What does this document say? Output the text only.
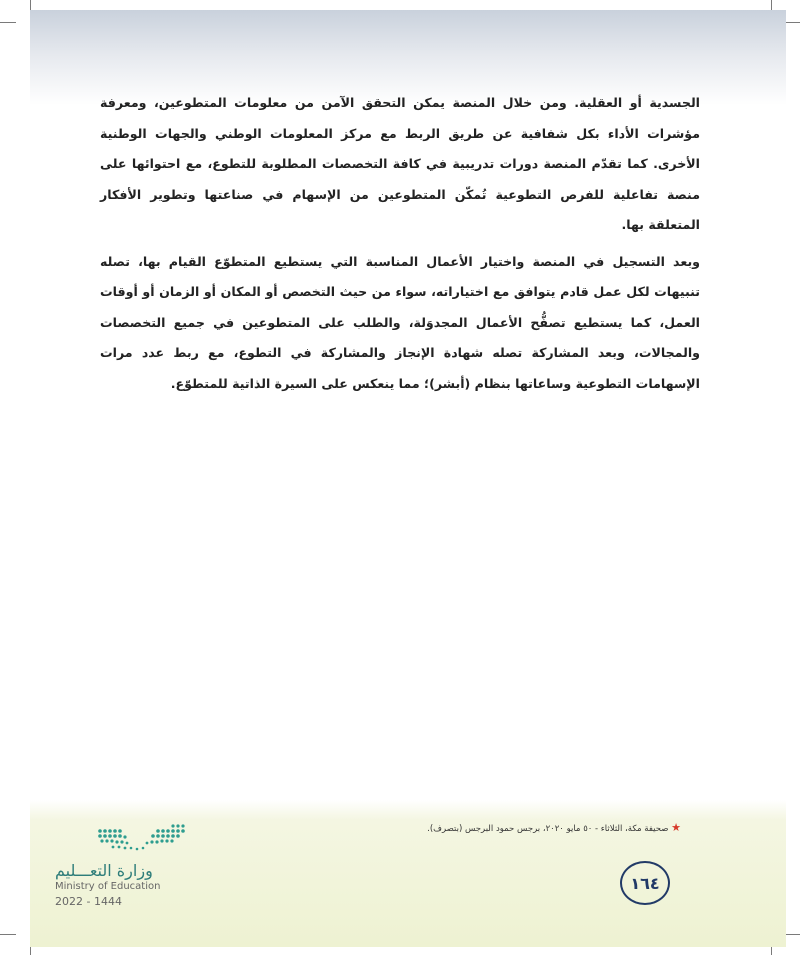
الجسدية أو العقلية. ومن خلال المنصة يمكن التحقق الآمن من معلومات المتطوعين، ومعرفة مؤشرات الأداء بكل شفافية عن طريق الربط مع مركز المعلومات الوطني والجهات الوطنية الأخرى. كما تقدّم المنصة دورات تدريبية في كافة التخصصات المطلوبة للتطوع، مع احتوائها على منصة تفاعلية للفرص التطوعية تُمكّن المتطوعين من الإسهام في صناعتها وتطوير الأفكار المتعلقة بها.

وبعد التسجيل في المنصة واختيار الأعمال المناسبة التي يستطيع المتطوّع القيام بها، تصله تنبيهات لكل عمل قادم يتوافق مع اختياراته، سواء من حيث التخصص أو المكان أو الزمان أو أوقات العمل، كما يستطيع تصفُّح الأعمال المجدوَلة، والطلب على المتطوعين في جميع التخصصات والمجالات، وبعد المشاركة تصله شهادة الإنجاز والمشاركة في التطوع، مع ربط عدد مرات الإسهامات التطوعية وساعاتها بنظام (أبشر)؛ مما ينعكس على السيرة الذاتية للمتطوّع.

★ صحيفة مكة، الثلاثاء - ٥٠ مايو ٢٠٢٠، برجس حمود البرجس (بتصرف).
١٦٤
وزارة التعـــليم
Ministry of Education
2022 - 1444
